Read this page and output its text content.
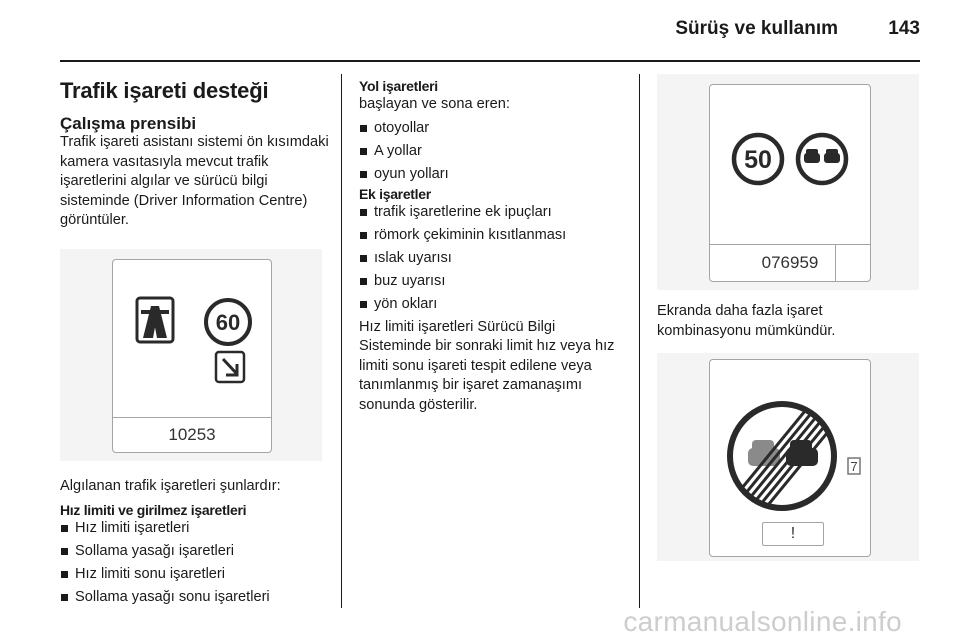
Sürüş ve kullanım	143
Trafik işareti desteği
Çalışma prensibi

Trafik işareti asistanı sistemi ön kısımdaki kamera vasıtasıyla mevcut trafik işaretlerini algılar ve sürücü bilgi sisteminde (Driver Information Centre) görüntüler.

60
10253

Algılanan trafik işaretleri şunlardır:

Hız limiti ve girilmez işaretleri
Hız limiti işaretleri
Sollama yasağı işaretleri
Hız limiti sonu işaretleri
Sollama yasağı sonu işaretleri
Yol işaretleri

başlayan ve sona eren:

otoyollar
A yollar
oyun yolları
Ek işaretler
trafik işaretlerine ek ipuçları
römork çekiminin kısıtlanması
ıslak uyarısı
buz uyarısı
yön okları

Hız limiti işaretleri Sürücü Bilgi Sisteminde bir sonraki limit hız veya hız limiti sonu işareti tespit edilene veya tanımlanmış bir işaret zamanaşımı sonunda gösterilir.

50
076959

Ekranda daha fazla işaret kombinasyonu mümkündür.

7
!
carmanualsonline.info
